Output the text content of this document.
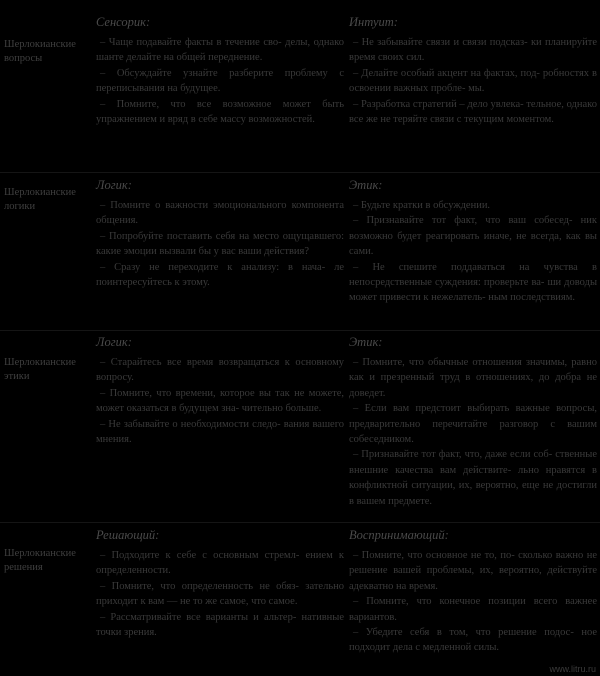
Шерлокианские вопросы
Сенсорик:
– Чаще подавайте факты в течение сво- делы, однако шанте делайте на общей переднение.
– Обсуждайте узнайте разберите проблему с переписывания на будущее.
– Помните, что все возможное может быть упражнением и вряд в себе массу возможностей.
Интуит:
– Не забывайте связи и связи подсказ- ки планируйте время своих сил.
– Делайте особый акцент на фактах, под- робностях в освоении важных пробле- мы.
– Разработка стратегий – дело увлека- тельное, однако все же не теряйте связи с текущим моментом.
Шерлокианские логики
Логик:
– Помните о важности эмоционального компонента общения.
– Попробуйте поставить себя на место ощущавшего: какие эмоции вызвали бы у вас ваши действия?
– Сразу не переходите к анализу: в нача- ле поинтересуйтесь к этому.
Этик:
– Будьте кратки в обсуждении.
– Признавайте тот факт, что ваш собесед- ник возможно будет реагировать иначе, не всегда, как вы сами.
– Не спешите поддаваться на чувства в непосредственные суждения: проверьте ва- ши доводы может привести к нежелатель- ным последствиям.
Шерлокианские этики
Логик:
– Старайтесь все время возвращаться к основному вопросу.
– Помните, что времени, которое вы так не можете, может оказаться в будущем зна- чительно больше.
– Не забывайте о необходимости следо- вания вашего мнения.
Этик:
– Помните, что обычные отношения значимы, равно как и презренный труд в отношениях, до добра не доведет.
– Если вам предстоит выбирать важные вопросы, предварительно перечитайте разговор с вашим собеседником.
– Признавайте тот факт, что, даже если соб- ственные внешние качества вам действите- льно нравятся в конфликтной ситуации, их, вероятно, еще не достигли в вашем предмете.
Шерлокианские решения
Решающий:
– Подходите к себе с основным стремл- ением к определенности.
– Помните, что определенность не обяз- зательно приходит к вам — не то же самое, что самое.
– Рассматривайте все варианты и альтер- нативные точки зрения.
Воспринимающий:
– Помните, что основное не то, по- сколько важно не решение вашей проблемы, их, вероятно, действуйте адекватно на время.
– Помните, что конечное позиции всего важнее вариантов.
– Убедите себя в том, что решение подос- ное подходит дела с медленной силы.
www.litru.ru
